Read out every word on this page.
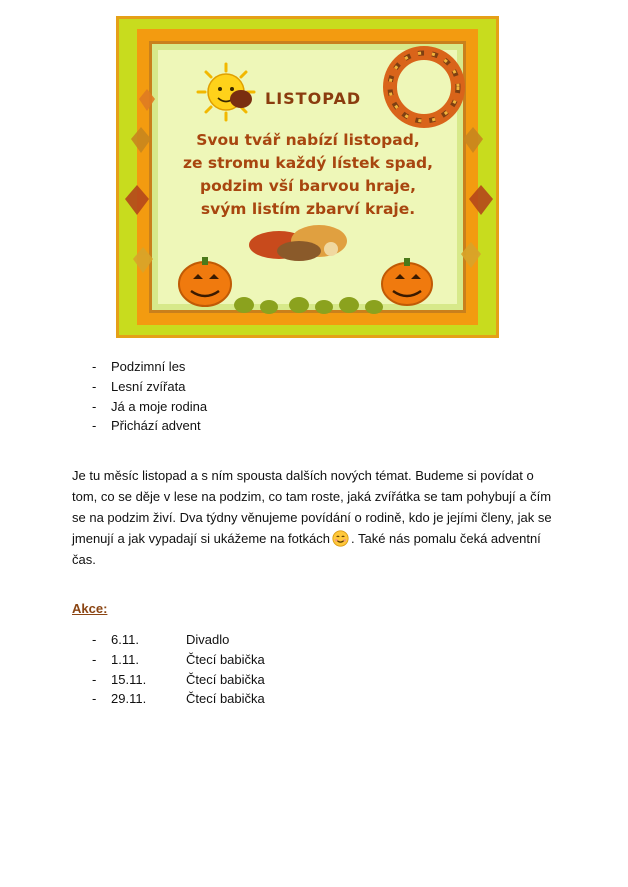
LISTOPAD
Svou tvář nabízí listopad,
ze stromu každý lístek spad,
podzim vší barvou hraje,
svým listím zbarví kraje.
- Podzimní les
- Lesní zvířata
- Já a moje rodina
- Přichází advent

Je tu měsíc listopad a s ním spousta dalších nových témat. Budeme si povídat o tom, co se děje v lese na podzim, co tam roste, jaká zvířátka se tam pohybují a čím se na podzim živí. Dva týdny věnujeme povídání o rodině, kdo je jejími členy, jak se jmenují a jak vypadají si ukážeme na fotkách . Také nás pomalu čeká adventní čas.

Akce:
- 6.11.	Divadlo
- 1.11.	Čtecí babička
- 15.11.	Čtecí babička
- 29.11.	Čtecí babička
